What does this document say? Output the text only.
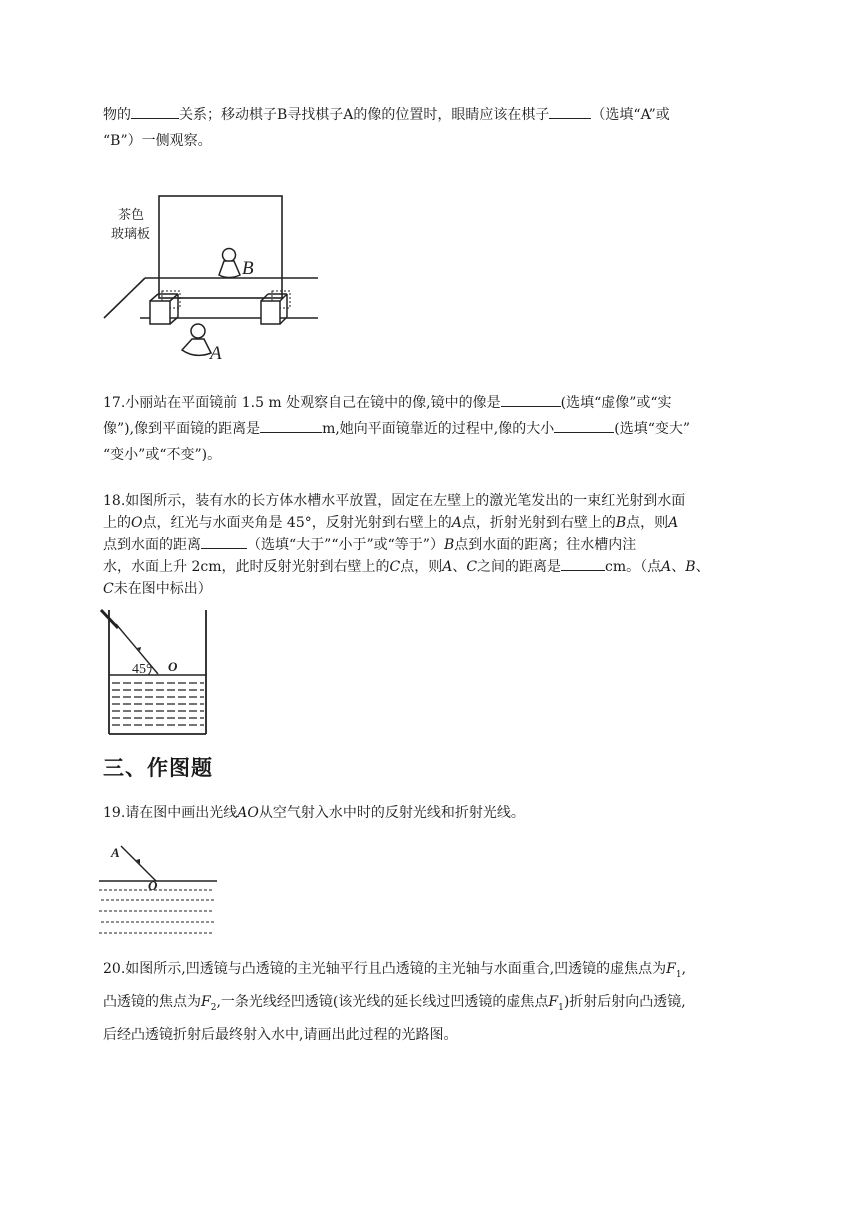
物的	关系；移动棋子B寻找棋子A的像的位置时，眼睛应该在棋子	（选填“A”或
“B”）一侧观察。
茶色
玻璃板
B
A
17.小丽站在平面镜前 1.5 m 处观察自己在镜中的像,镜中的像是	(选填“虚像”或“实
像”),像到平面镜的距离是	m,她向平面镜靠近的过程中,像的大小	(选填“变大”
“变小”或“不变”)。
18.如图所示，装有水的长方体水槽水平放置，固定在左壁上的激光笔发出的一束红光射到水面
上的O点，红光与水面夹角是 45°，反射光射到右壁上的A点，折射光射到右壁上的B点，则A
点到水面的距离	（选填“大于”“小于”或“等于”）B点到水面的距离；往水槽内注
水，水面上升 2cm，此时反射光射到右壁上的C点，则A、C之间的距离是	cm。（点A、B、
C未在图中标出）
45° O
三、作图题
19.请在图中画出光线AO从空气射入水中时的反射光线和折射光线。
A
O
20.如图所示,凹透镜与凸透镜的主光轴平行且凸透镜的主光轴与水面重合,凹透镜的虚焦点为$F_1$,
凸透镜的焦点为$F_2$,一条光线经凹透镜(该光线的延长线过凹透镜的虚焦点$F_1$)折射后射向凸透镜,
后经凸透镜折射后最终射入水中,请画出此过程的光路图。
